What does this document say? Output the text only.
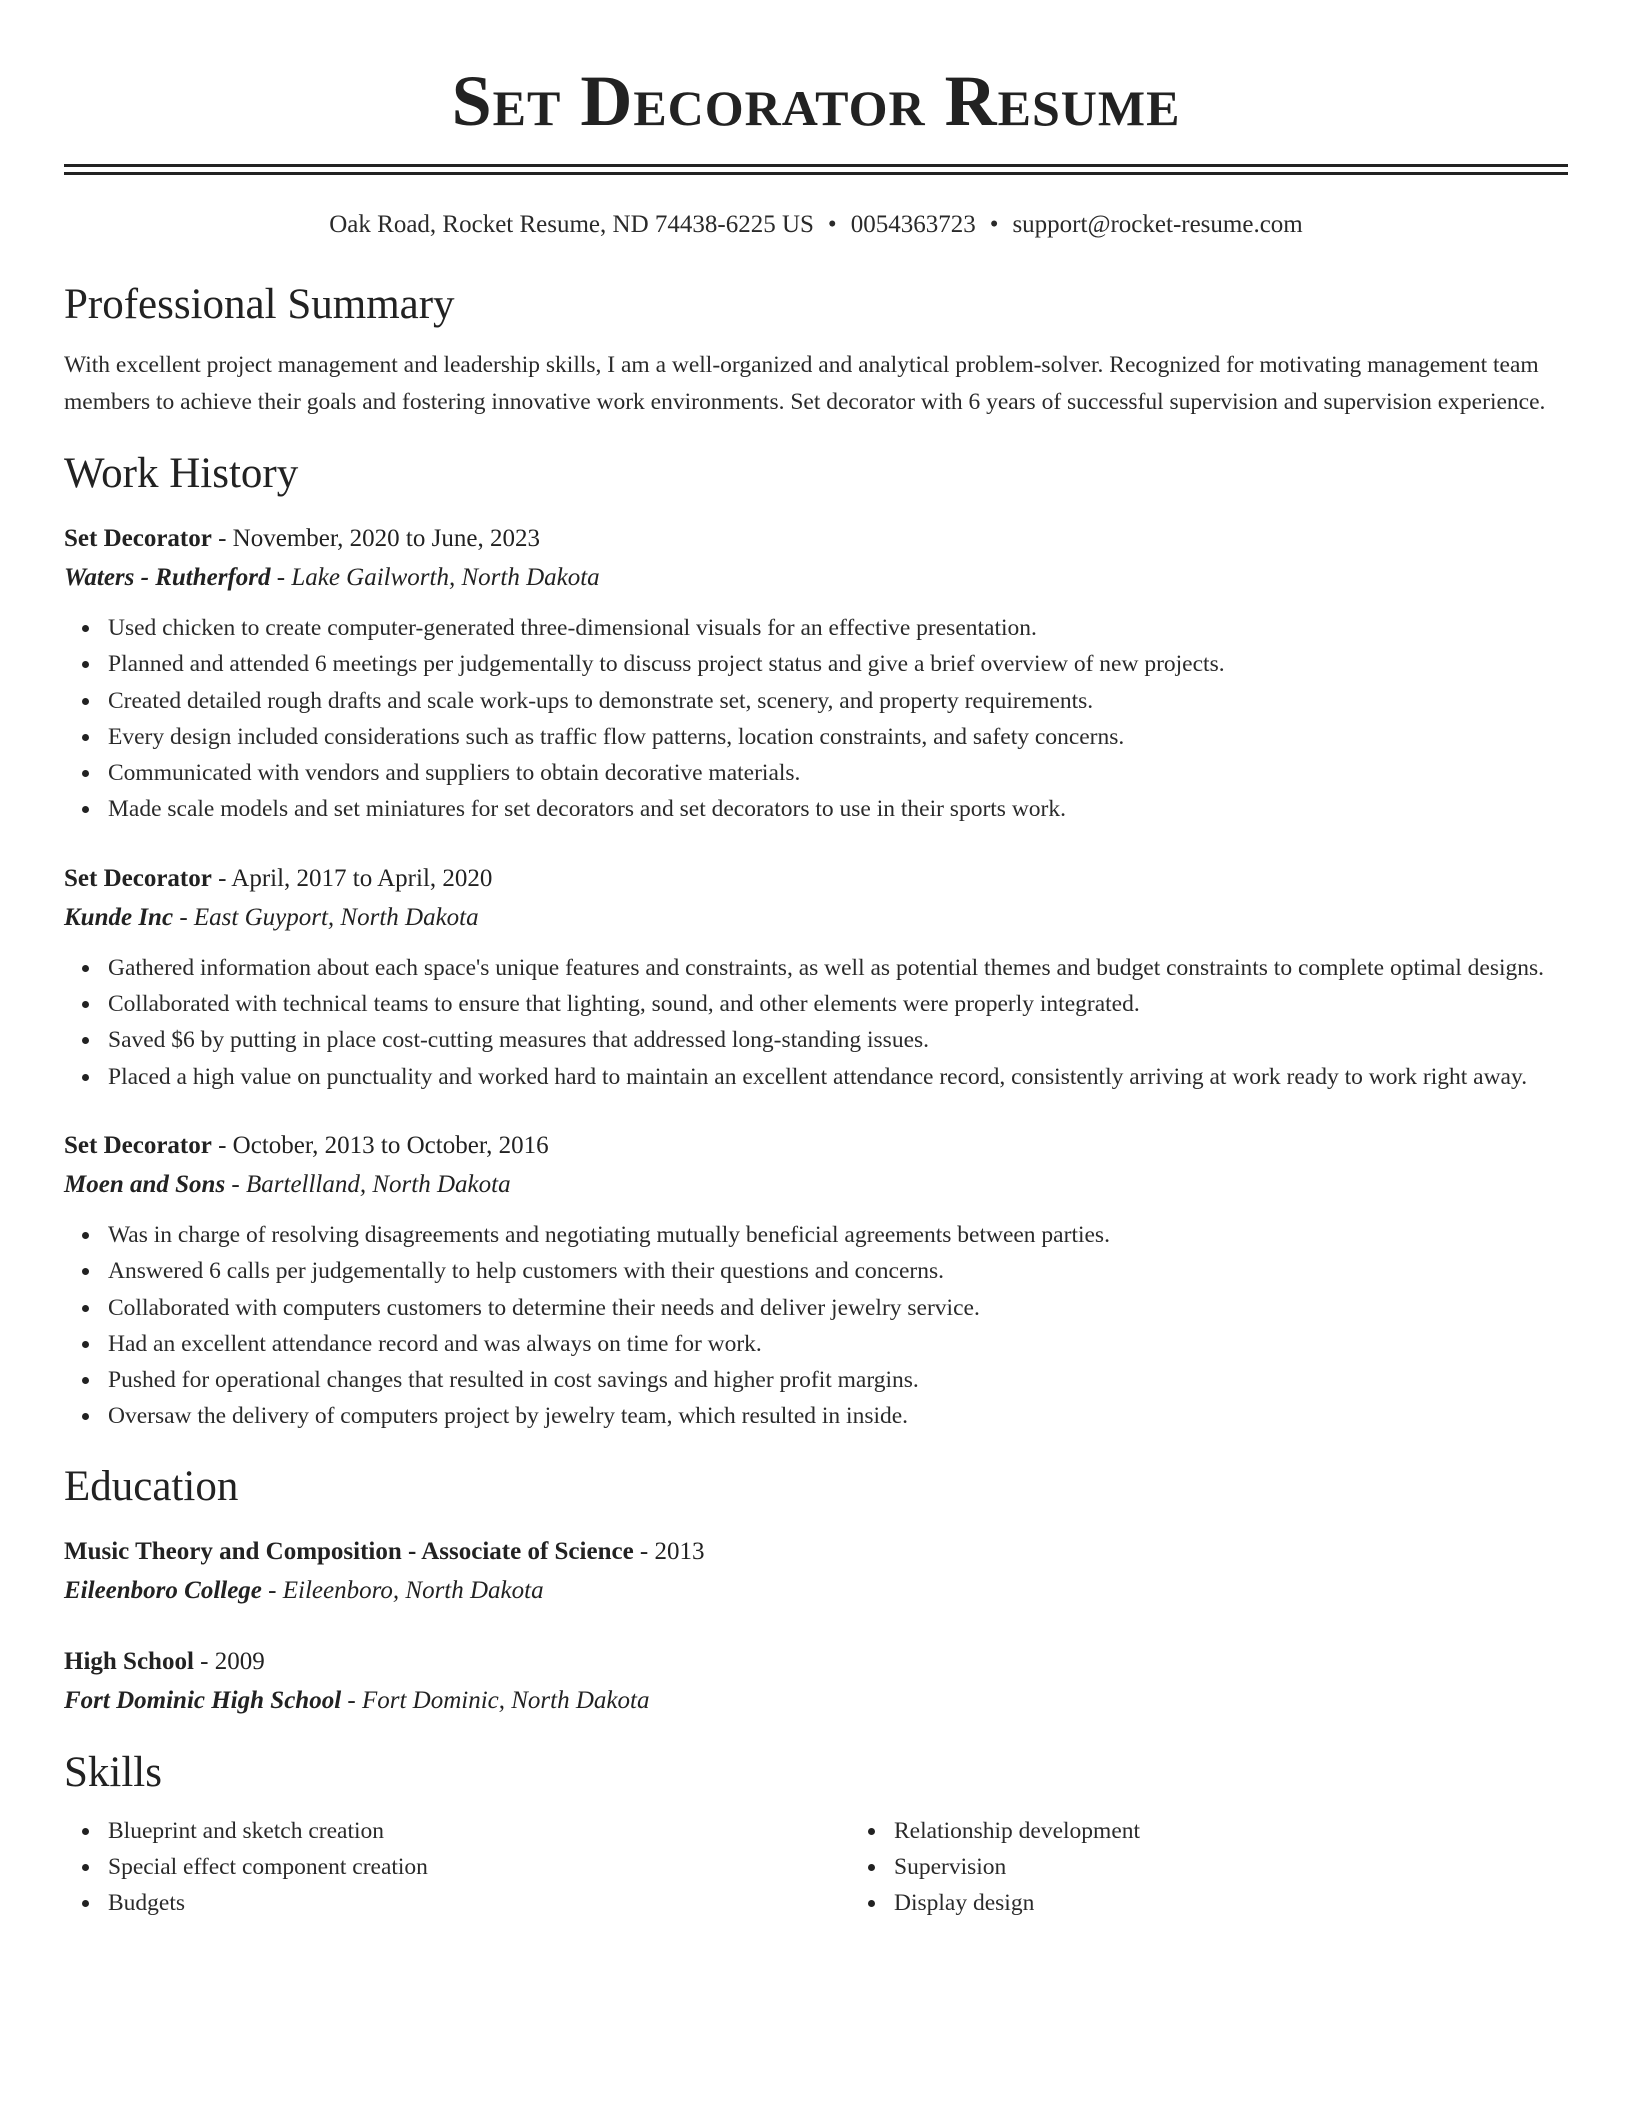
Set Decorator Resume
Oak Road, Rocket Resume, ND 74438-6225 US • 0054363723 • support@rocket-resume.com
Professional Summary
With excellent project management and leadership skills, I am a well-organized and analytical problem-solver. Recognized for motivating management team members to achieve their goals and fostering innovative work environments. Set decorator with 6 years of successful supervision and supervision experience.
Work History
Set Decorator - November, 2020 to June, 2023
Waters - Rutherford - Lake Gailworth, North Dakota
Used chicken to create computer-generated three-dimensional visuals for an effective presentation.
Planned and attended 6 meetings per judgementally to discuss project status and give a brief overview of new projects.
Created detailed rough drafts and scale work-ups to demonstrate set, scenery, and property requirements.
Every design included considerations such as traffic flow patterns, location constraints, and safety concerns.
Communicated with vendors and suppliers to obtain decorative materials.
Made scale models and set miniatures for set decorators and set decorators to use in their sports work.
Set Decorator - April, 2017 to April, 2020
Kunde Inc - East Guyport, North Dakota
Gathered information about each space's unique features and constraints, as well as potential themes and budget constraints to complete optimal designs.
Collaborated with technical teams to ensure that lighting, sound, and other elements were properly integrated.
Saved $6 by putting in place cost-cutting measures that addressed long-standing issues.
Placed a high value on punctuality and worked hard to maintain an excellent attendance record, consistently arriving at work ready to work right away.
Set Decorator - October, 2013 to October, 2016
Moen and Sons - Bartellland, North Dakota
Was in charge of resolving disagreements and negotiating mutually beneficial agreements between parties.
Answered 6 calls per judgementally to help customers with their questions and concerns.
Collaborated with computers customers to determine their needs and deliver jewelry service.
Had an excellent attendance record and was always on time for work.
Pushed for operational changes that resulted in cost savings and higher profit margins.
Oversaw the delivery of computers project by jewelry team, which resulted in inside.
Education
Music Theory and Composition - Associate of Science - 2013
Eileenboro College - Eileenboro, North Dakota
High School - 2009
Fort Dominic High School - Fort Dominic, North Dakota
Skills
Blueprint and sketch creation
Special effect component creation
Budgets
Relationship development
Supervision
Display design
